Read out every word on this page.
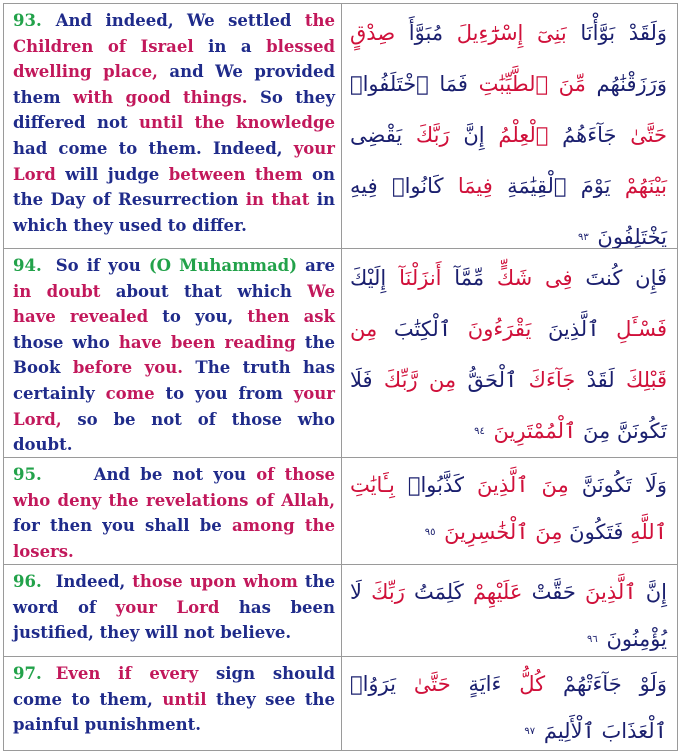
93. And indeed, We settled the Children of Israel in a blessed dwelling place, and We provided them with good things. So they differed not until the knowledge had come to them. Indeed, your Lord will judge between them on the Day of Resurrection in that in which they used to differ.
وَلَقَدْ بَوَّأْنَا بَنِىٓ إِسْرَٰٓءِيلَ مُبَوَّأَ صِدْقٍ وَرَزَقْنَٰهُم مِّنَ ٱلطَّيِّبَٰتِ فَمَا ٱخْتَلَفُوا۟ حَتَّىٰ جَآءَهُمُ ٱلْعِلْمُ إِنَّ رَبَّكَ يَقْضِى بَيْنَهُمْ يَوْمَ ٱلْقِيَٰمَةِ فِيمَا كَانُوا۟ فِيهِ يَخْتَلِفُونَ ٩٣
94. So if you (O Muhammad) are in doubt about that which We have revealed to you, then ask those who have been reading the Book before you. The truth has certainly come to you from your Lord, so be not of those who doubt.
فَإِن كُنتَ فِى شَكٍّ مِّمَّآ أَنزَلْنَآ إِلَيْكَ فَسْـَٔلِ ٱلَّذِينَ يَقْرَءُونَ ٱلْكِتَٰبَ مِن قَبْلِكَ لَقَدْ جَآءَكَ ٱلْحَقُّ مِن رَّبِّكَ فَلَا تَكُونَنَّ مِنَ ٱلْمُمْتَرِينَ ٩٤
95.	And be not you of those who deny the revelations of Allah, for then you shall be among the losers.
وَلَا تَكُونَنَّ مِنَ ٱلَّذِينَ كَذَّبُوا۟ بِـَٔايَٰتِ ٱللَّهِ فَتَكُونَ مِنَ ٱلْخَٰسِرِينَ ٩٥
96. Indeed, those upon whom the word of your Lord has been justified, they will not believe.
إِنَّ ٱلَّذِينَ حَقَّتْ عَلَيْهِمْ كَلِمَتُ رَبِّكَ لَا يُؤْمِنُونَ ٩٦
97. Even if every sign should come to them, until they see the painful punishment.
وَلَوْ جَآءَتْهُمْ كُلُّ ءَايَةٍ حَتَّىٰ يَرَوُا۟ ٱلْعَذَابَ ٱلْأَلِيمَ ٩٧
